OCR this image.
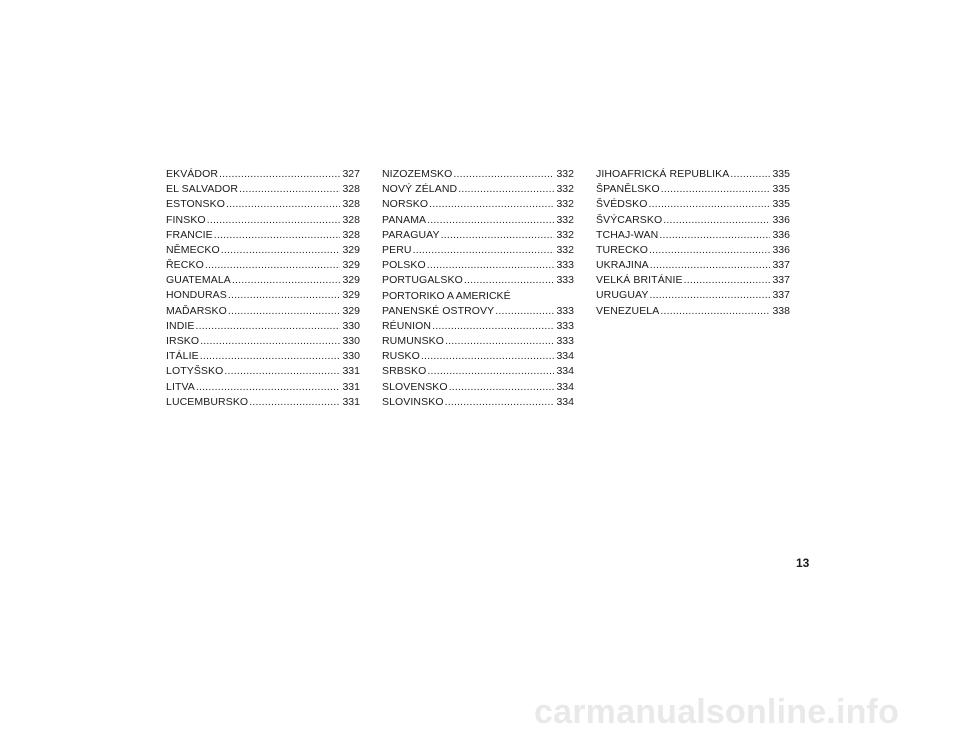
EKVÁDOR .....	327
EL SALVADOR .....	328
ESTONSKO .....	328
FINSKO .....	328
FRANCIE .....	328
NĚMECKO .....	329
ŘECKO .....	329
GUATEMALA .....	329
HONDURAS .....	329
MAĎARSKO .....	329
INDIE .....	330
IRSKO .....	330
ITÁLIE .....	330
LOTYŠSKO .....	331
LITVA .....	331
LUCEMBURSKO .....	331
NIZOZEMSKO .....	332
NOVÝ ZÉLAND .....	332
NORSKO .....	332
PANAMA .....	332
PARAGUAY .....	332
PERU .....	332
POLSKO .....	333
PORTUGALSKO .....	333
PORTORIKO A AMERICKÉ
PANENSKÉ OSTROVY .....	333
RÉUNION .....	333
RUMUNSKO .....	333
RUSKO .....	334
SRBSKO .....	334
SLOVENSKO .....	334
SLOVINSKO .....	334
JIHOAFRICKÁ REPUBLIKA .....	335
ŠPANĚLSKO .....	335
ŠVÉDSKO .....	335
ŠVÝCARSKO .....	336
TCHAJ-WAN .....	336
TURECKO .....	336
UKRAJINA .....	337
VELKÁ BRITÁNIE .....	337
URUGUAY .....	337
VENEZUELA .....	338
13
carmanualsonline.info
